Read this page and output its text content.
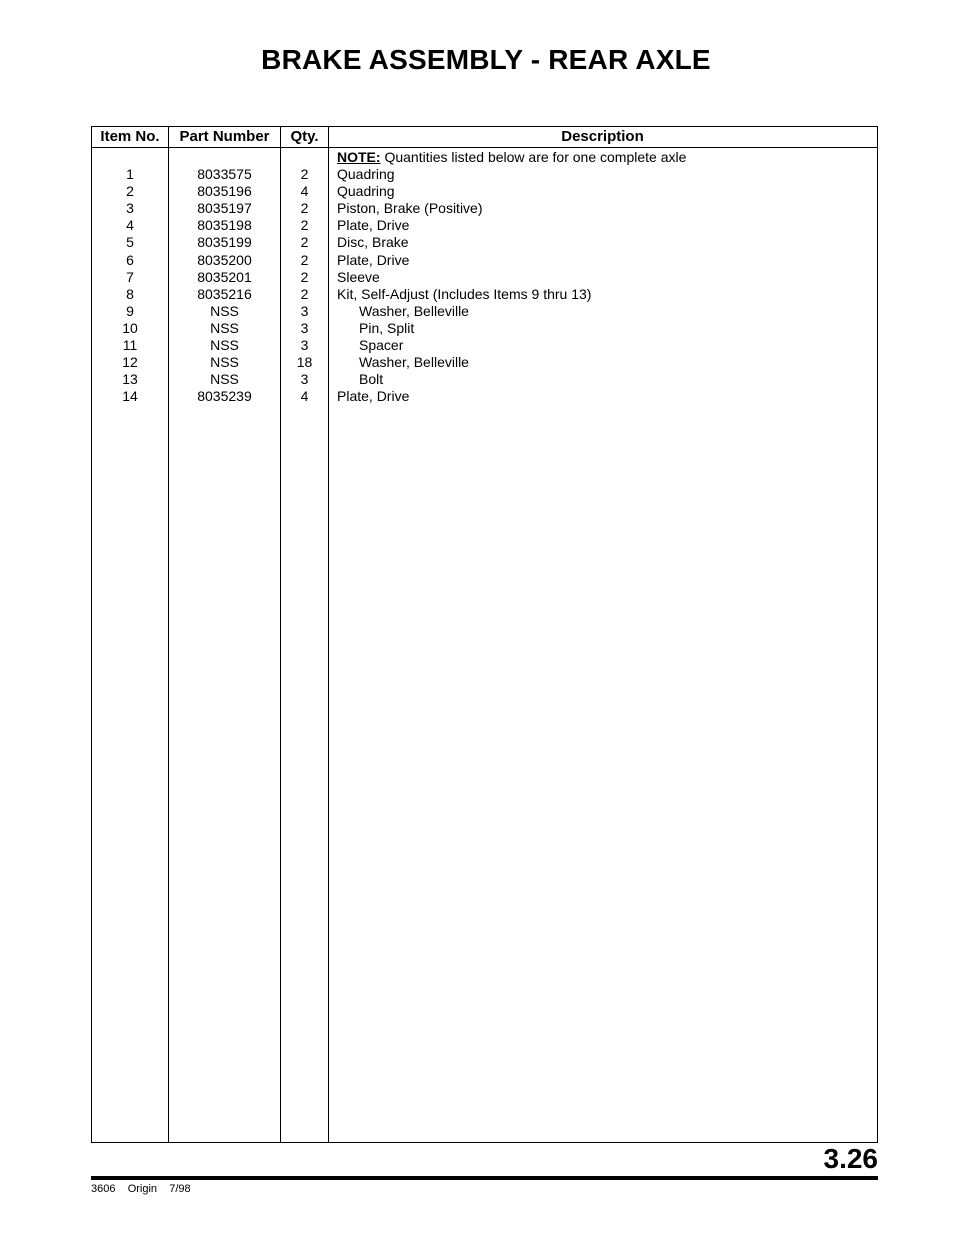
BRAKE ASSEMBLY - REAR AXLE
Item No.	Part Number	Qty.	Description
NOTE: Quantities listed below are for one complete axle
1	8033575	2	Quadring
2	8035196	4	Quadring
3	8035197	2	Piston, Brake (Positive)
4	8035198	2	Plate, Drive
5	8035199	2	Disc, Brake
6	8035200	2	Plate, Drive
7	8035201	2	Sleeve
8	8035216	2	Kit, Self-Adjust (Includes Items 9 thru 13)
9	NSS	3	Washer, Belleville
10	NSS	3	Pin, Split
11	NSS	3	Spacer
12	NSS	18	Washer, Belleville
13	NSS	3	Bolt
14	8035239	4	Plate, Drive
3.26
3606    Origin    7/98
